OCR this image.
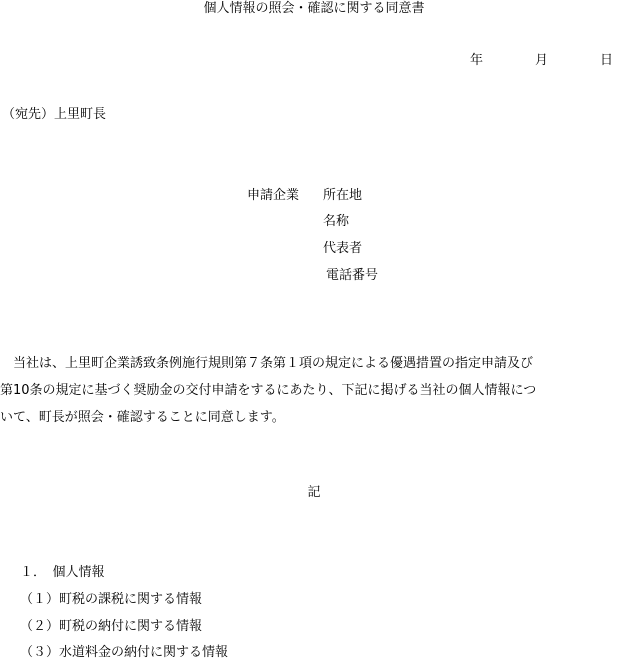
個人情報の照会・確認に関する同意書
年	月	日
（宛先）上里町長
申請企業 所在地
名称
代表者
電話番号
　当社は、上里町企業誘致条例施行規則第７条第１項の規定による優遇措置の指定申請及び
第10条の規定に基づく奨励金の交付申請をするにあたり、下記に掲げる当社の個人情報につ
いて、町長が照会・確認することに同意します。
記
１．　個人情報
（１）町税の課税に関する情報
（２）町税の納付に関する情報
（３）水道料金の納付に関する情報
